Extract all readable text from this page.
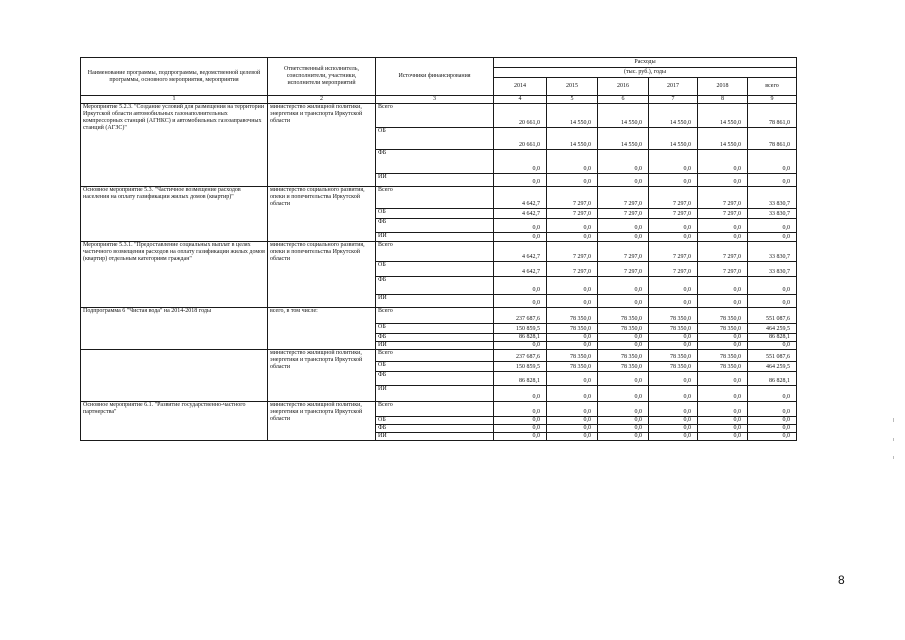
Наименование программы, подпрограммы, ведомственной целевой программы, основного мероприятия, мероприятия	Ответственный исполнитель, соисполнители, участники, исполнители мероприятий	Источники финансирования	Расходы					
			(тыс. руб.), годы					
			2014	2015	2016	2017	2018	всего
1	2	3	4	5	6	7	8	9
Мероприятие 5.2.3. "Создание условий для размещения на территории Иркутской области автомобильных газонаполнительных компрессорных станций (АГНКС) и автомобильных газозаправочных станций (АГЗС)"	министерство жилищной политики, энергетики и транспорта Иркутской области	Всего	20 661,0	14 550,0	14 550,0	14 550,0	14 550,0	78 861,0
		ОБ	20 661,0	14 550,0	14 550,0	14 550,0	14 550,0	78 861,0
		ФБ	0,0	0,0	0,0	0,0	0,0	0,0
		ИИ	0,0	0,0	0,0	0,0	0,0	0,0
Основное мероприятие 5.3. "Частичное возмещение расходов населения на оплату газификации жилых домов (квартир)"	министерство социального развития, опеки и попечительства Иркутской области	Всего	4 642,7	7 297,0	7 297,0	7 297,0	7 297,0	33 830,7
		ОБ	4 642,7	7 297,0	7 297,0	7 297,0	7 297,0	33 830,7
		ФБ	0,0	0,0	0,0	0,0	0,0	0,0
		ИИ	0,0	0,0	0,0	0,0	0,0	0,0
Мероприятие 5.3.1. "Предоставление социальных выплат в целях частичного возмещения расходов на оплату газификации жилых домов (квартир) отдельным категориям граждан"	министерство социального развития, опеки и попечительства Иркутской области	Всего	4 642,7	7 297,0	7 297,0	7 297,0	7 297,0	33 830,7
		ОБ	4 642,7	7 297,0	7 297,0	7 297,0	7 297,0	33 830,7
		ФБ	0,0	0,0	0,0	0,0	0,0	0,0
		ИИ	0,0	0,0	0,0	0,0	0,0	0,0
Подпрограмма 6 "Чистая вода" на 2014-2018 годы	всего, в том числе:	Всего	237 687,6	78 350,0	78 350,0	78 350,0	78 350,0	551 087,6
		ОБ	150 859,5	78 350,0	78 350,0	78 350,0	78 350,0	464 259,5
		ФБ	86 828,1	0,0	0,0	0,0	0,0	86 828,1
		ИИ	0,0	0,0	0,0	0,0	0,0	0,0
	министерство жилищной политики, энергетики и транспорта Иркутской области	Всего	237 687,6	78 350,0	78 350,0	78 350,0	78 350,0	551 087,6
		ОБ	150 859,5	78 350,0	78 350,0	78 350,0	78 350,0	464 259,5
		ФБ	86 828,1	0,0	0,0	0,0	0,0	86 828,1
		ИИ	0,0	0,0	0,0	0,0	0,0	0,0
Основное мероприятие 6.1. "Развитие государственно-частного партнерства"	министерство жилищной политики, энергетики и транспорта Иркутской области	Всего	0,0	0,0	0,0	0,0	0,0	0,0
		ОБ	0,0	0,0	0,0	0,0	0,0	0,0
		ФБ	0,0	0,0	0,0	0,0	0,0	0,0
		ИИ	0,0	0,0	0,0	0,0	0,0	0,0
8
